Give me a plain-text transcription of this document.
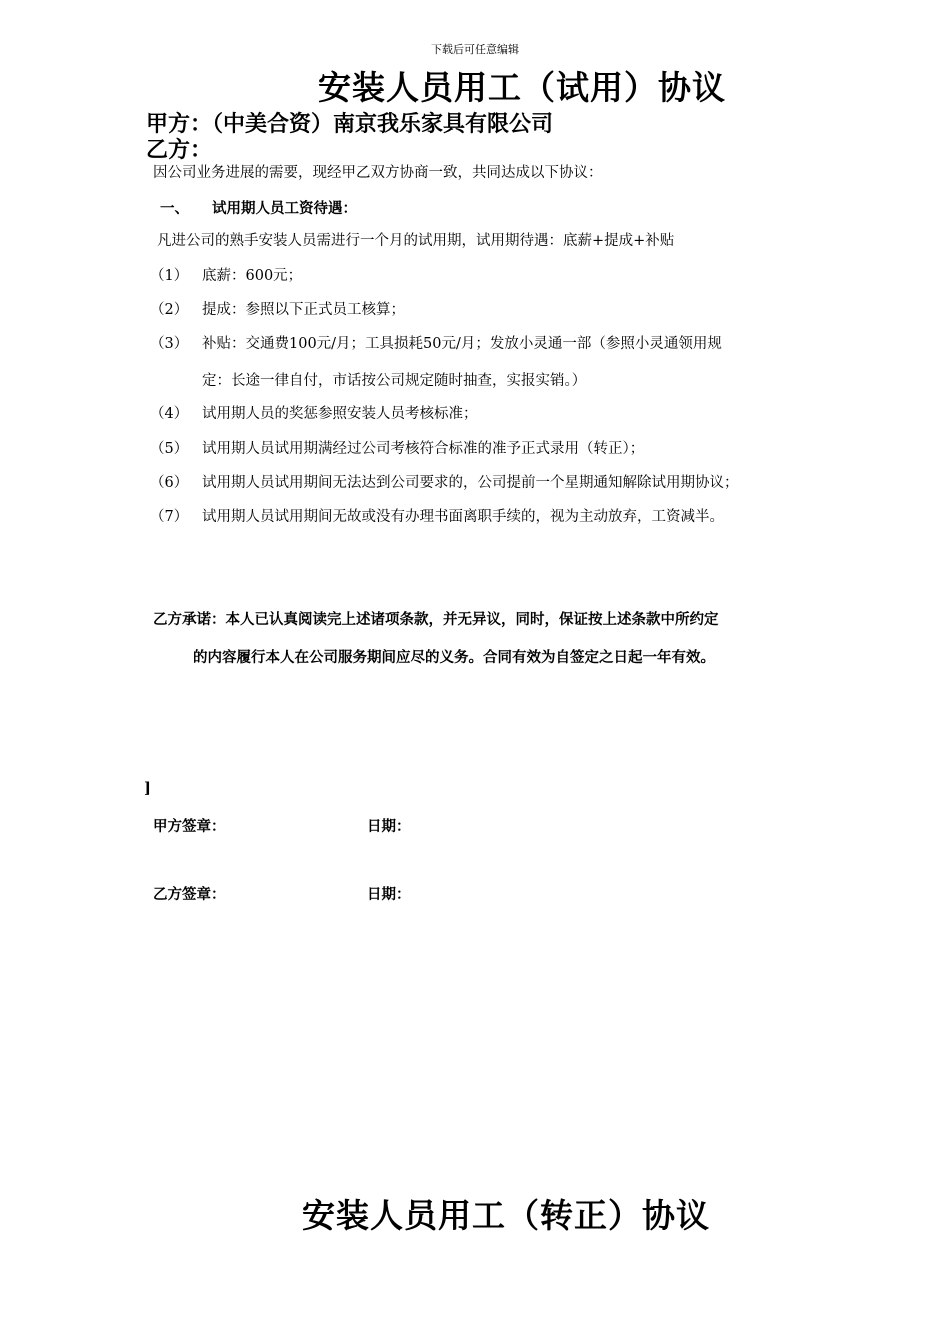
下载后可任意编辑
安装人员用工（试用）协议
甲方：（中美合资）南京我乐家具有限公司
乙方：
因公司业务进展的需要，现经甲乙双方协商一致，共同达成以下协议：
一、 试用期人员工资待遇：
凡进公司的熟手安装人员需进行一个月的试用期，试用期待遇：底薪+提成+补贴
（1） 底薪：600元；
（2） 提成：参照以下正式员工核算；
（3） 补贴：交通费100元/月；工具损耗50元/月；发放小灵通一部（参照小灵通领用规
定：长途一律自付，市话按公司规定随时抽查，实报实销。）
（4） 试用期人员的奖惩参照安装人员考核标准；
（5） 试用期人员试用期满经过公司考核符合标准的准予正式录用（转正）；
（6） 试用期人员试用期间无法达到公司要求的，公司提前一个星期通知解除试用期协议；
（7） 试用期人员试用期间无故或没有办理书面离职手续的，视为主动放弃，工资减半。
乙方承诺：本人已认真阅读完上述诸项条款，并无异议，同时，保证按上述条款中所约定
的内容履行本人在公司服务期间应尽的义务。合同有效为自签定之日起一年有效。
]
甲方签章：	日期：
乙方签章：	日期：
安装人员用工（转正）协议
